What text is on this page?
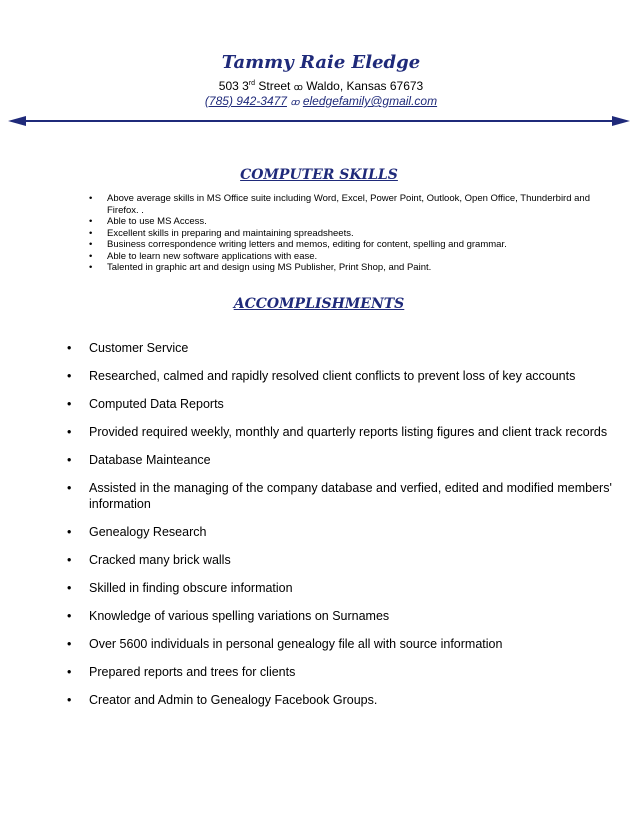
Tammy Raie Eledge
503 3rd Street ꝏ Waldo, Kansas 67673
(785) 942-3477 ꝏ eledgefamily@gmail.com
COMPUTER SKILLS
• Above average skills in MS Office suite including Word, Excel, Power Point, Outlook, Open Office, Thunderbird and Firefox. .
• Able to use MS Access.
• Excellent skills in preparing and maintaining spreadsheets.
• Business correspondence writing letters and memos, editing for content, spelling and grammar.
• Able to learn new software applications with ease.
• Talented in graphic art and design using MS Publisher, Print Shop, and Paint.
ACCOMPLISHMENTS
• Customer Service
• Researched, calmed and rapidly resolved client conflicts to prevent loss of key accounts
• Computed Data Reports
• Provided required weekly, monthly and quarterly reports listing figures and client track records
• Database Mainteance
• Assisted in the managing of the company database and verfied, edited and modified members' information
• Genealogy Research
• Cracked many brick walls
• Skilled in finding obscure information
• Knowledge of various spelling variations on Surnames
• Over 5600 individuals in personal genealogy file all with source information
• Prepared reports and trees for clients
• Creator and Admin to Genealogy Facebook Groups.
